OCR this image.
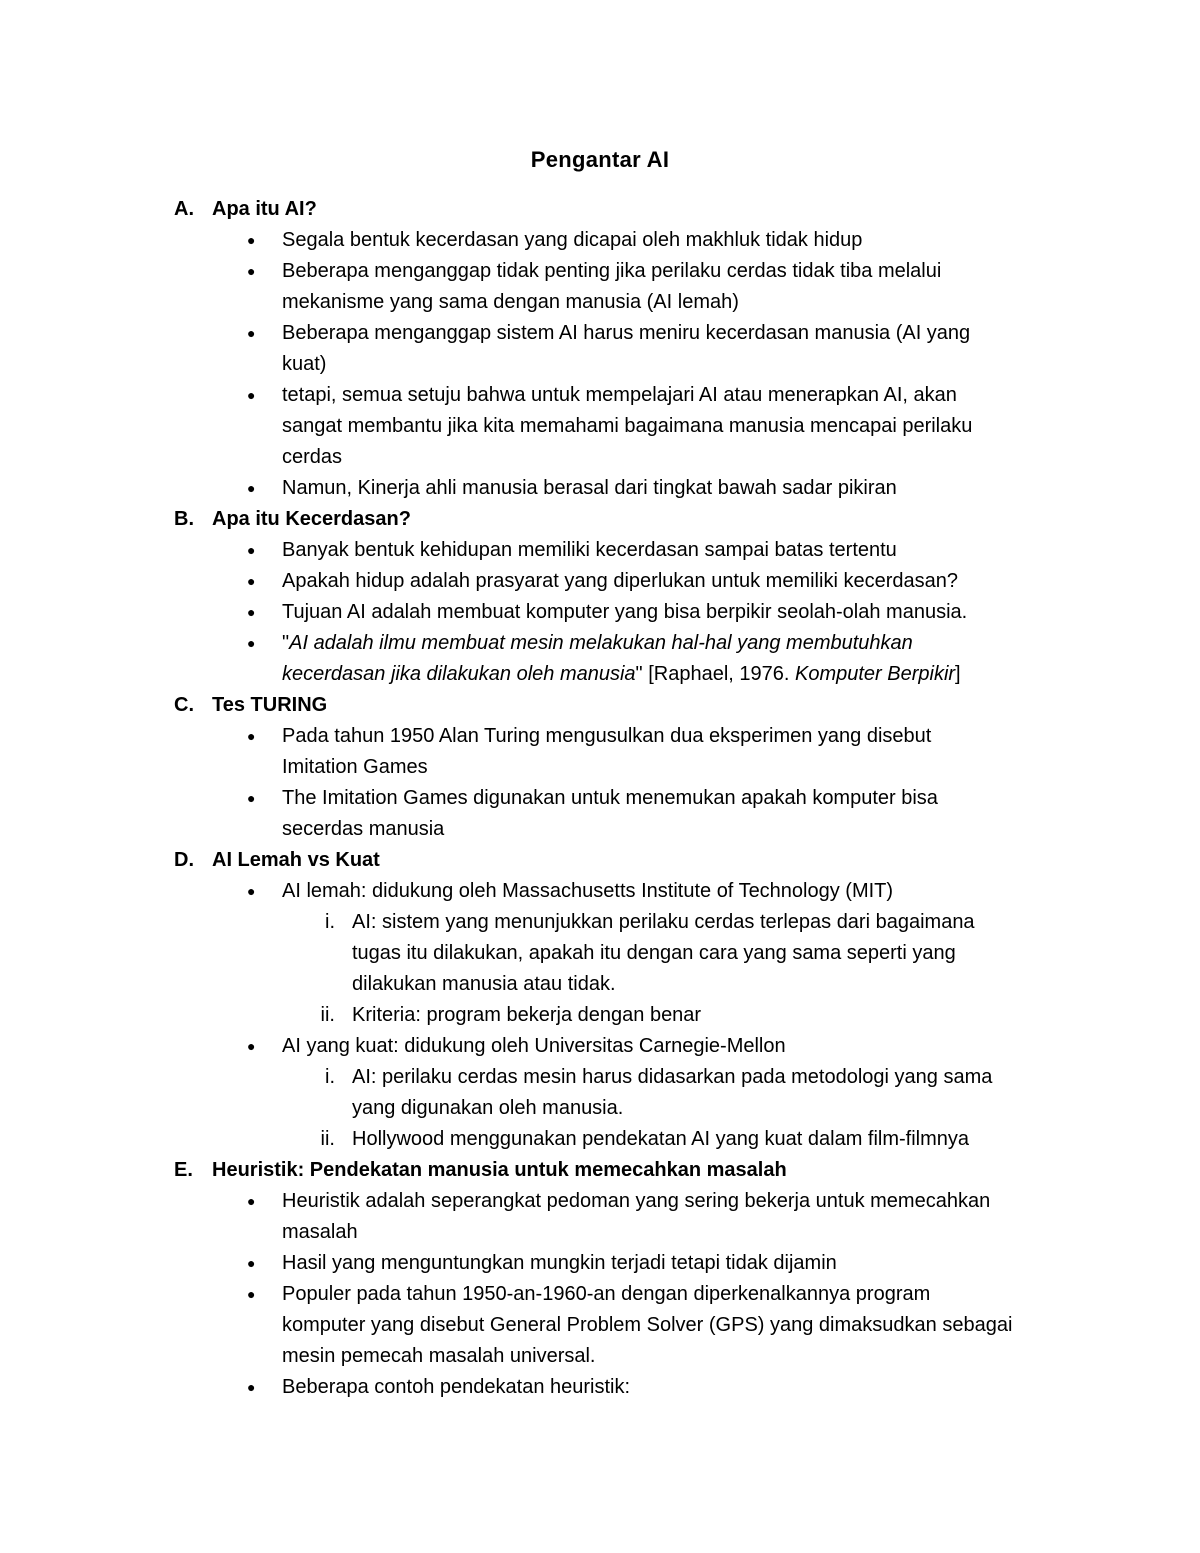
Pengantar AI
A. Apa itu AI?
● Segala bentuk kecerdasan yang dicapai oleh makhluk tidak hidup
● Beberapa menganggap tidak penting jika perilaku cerdas tidak tiba melalui
mekanisme yang sama dengan manusia (AI lemah)
● Beberapa menganggap sistem AI harus meniru kecerdasan manusia (AI yang
kuat)
● tetapi, semua setuju bahwa untuk mempelajari AI atau menerapkan AI, akan
sangat membantu jika kita memahami bagaimana manusia mencapai perilaku
cerdas
● Namun, Kinerja ahli manusia berasal dari tingkat bawah sadar pikiran
B. Apa itu Kecerdasan?
● Banyak bentuk kehidupan memiliki kecerdasan sampai batas tertentu
● Apakah hidup adalah prasyarat yang diperlukan untuk memiliki kecerdasan?
● Tujuan AI adalah membuat komputer yang bisa berpikir seolah-olah manusia.
● "AI adalah ilmu membuat mesin melakukan hal-hal yang membutuhkan
kecerdasan jika dilakukan oleh manusia" [Raphael, 1976. Komputer Berpikir]
C. Tes TURING
● Pada tahun 1950 Alan Turing mengusulkan dua eksperimen yang disebut
Imitation Games
● The Imitation Games digunakan untuk menemukan apakah komputer bisa
secerdas manusia
D. AI Lemah vs Kuat
● AI lemah: didukung oleh Massachusetts Institute of Technology (MIT)
i. AI: sistem yang menunjukkan perilaku cerdas terlepas dari bagaimana
tugas itu dilakukan, apakah itu dengan cara yang sama seperti yang
dilakukan manusia atau tidak.
ii. Kriteria: program bekerja dengan benar
● AI yang kuat: didukung oleh Universitas Carnegie-Mellon
i. AI: perilaku cerdas mesin harus didasarkan pada metodologi yang sama
yang digunakan oleh manusia.
ii. Hollywood menggunakan pendekatan AI yang kuat dalam film-filmnya
E. Heuristik: Pendekatan manusia untuk memecahkan masalah
● Heuristik adalah seperangkat pedoman yang sering bekerja untuk memecahkan
masalah
● Hasil yang menguntungkan mungkin terjadi tetapi tidak dijamin
● Populer pada tahun 1950-an-1960-an dengan diperkenalkannya program
komputer yang disebut General Problem Solver (GPS) yang dimaksudkan sebagai
mesin pemecah masalah universal.
● Beberapa contoh pendekatan heuristik:
